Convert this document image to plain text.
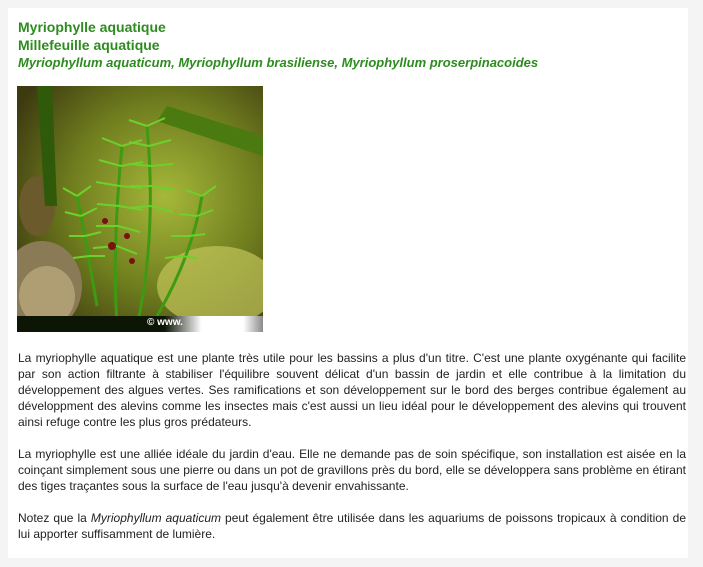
Myriophylle aquatique
Millefeuille aquatique
Myriophyllum aquaticum, Myriophyllum brasiliense, Myriophyllum proserpinacoides
© www.

La myriophylle aquatique est une plante très utile pour les bassins a plus d'un titre. C'est une plante oxygénante qui facilite par son action filtrante à stabiliser l'équilibre souvent délicat d'un bassin de jardin et elle contribue à la limitation du développement des algues vertes. Ses ramifications et son développement sur le bord des berges contribue également au développment des alevins comme les insectes mais c'est aussi un lieu idéal pour le développement des alevins qui trouvent ainsi refuge contre les plus gros prédateurs.

La myriophylle est une alliée idéale du jardin d'eau. Elle ne demande pas de soin spécifique, son installation est aisée en la coinçant simplement sous une pierre ou dans un pot de gravillons près du bord, elle se développera sans problème en étirant des tiges traçantes sous la surface de l'eau jusqu'à devenir envahissante.

Notez que la Myriophyllum aquaticum peut également être utilisée dans les aquariums de poissons tropicaux à condition de lui apporter suffisamment de lumière.
